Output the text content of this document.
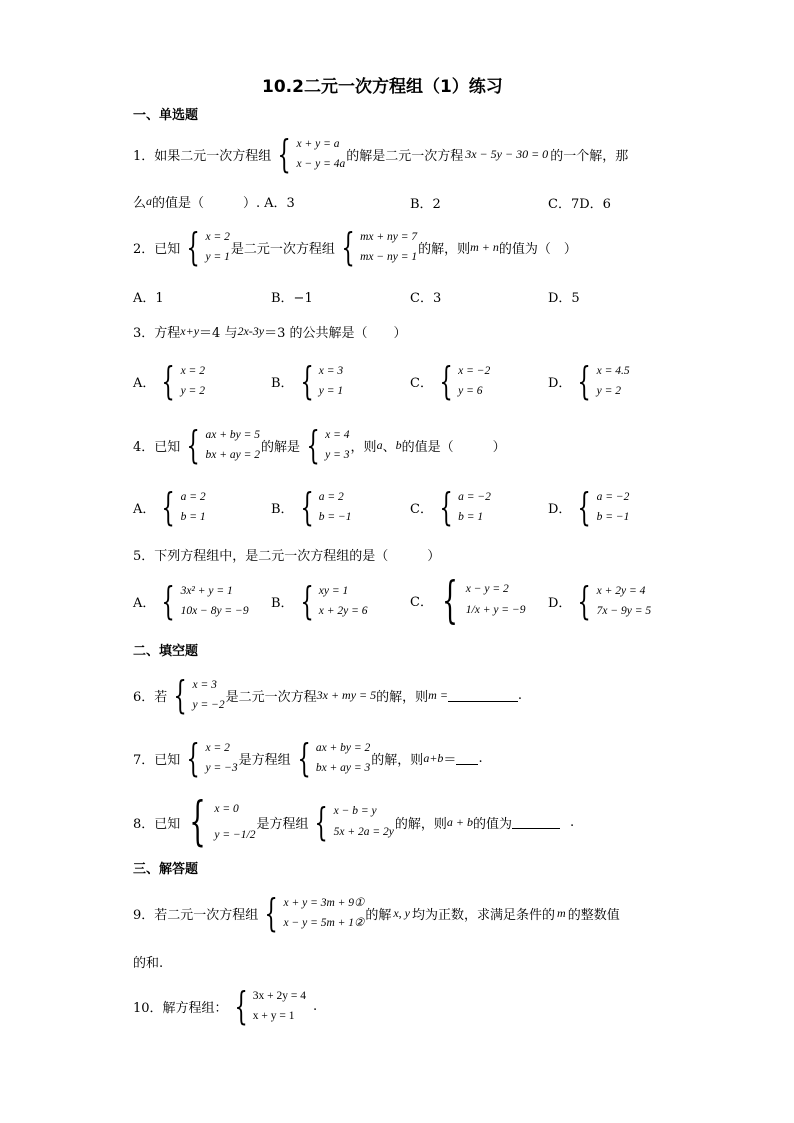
10.2二元一次方程组（1）练习
一、单选题
1． 如果二元一次方程组 { x + y = a
x − y = 4a
的解是二元一次方程 3x − 5y − 30 = 0 的一个解，那
么 a 的值是（　　　）. A．3	B．2	C．7D．6
2． 已知 { x = 2
y = 1
是二元一次方程组 { mx + ny = 7
mx − ny = 1
的解，则 m + n 的值为（　）
A．1	B．−1	C．3	D．5
3． 方程 x+y ＝4 与 2x-3y ＝3 的公共解是（　　）
A． { x = 2
y = 2
B． { x = 3
y = 1
C． { x = −2
y = 6
D． { x = 4.5
y = 2
4． 已知 { ax + by = 5
bx + ay = 2
的解是 { x = 4
y = 3
，则 a 、 b 的值是（　　　）
A． { a = 2
b = 1
B． { a = 2
b = −1
C． { a = −2
b = 1
D． { a = −2
b = −1
5． 下列方程组中，是二元一次方程组的是（　　　）
A． { 3x² + y = 1
10x − 8y = −9
B． { xy = 1
x + 2y = 6
C． { x − y = 2
1/x + y = −9 D． { x + 2y = 4
7x − 9y = 5
二、填空题
6． 若 { x = 3
y = −2
是二元一次方程 3x + my = 5 的解，则 m =	.
7． 已知 { x = 2
y = −3
是方程组 { ax + by = 2
bx + ay = 3
的解，则 a+b ＝ .
8． 已知 { x = 0
y = −1/2
是方程组 { x − b = y
5x + 2a = 2y
的解，则 a + b 的值为	.
三、解答题
9． 若二元一次方程组 { x + y = 3m + 9①
x − y = 5m + 1②
的解 x, y 均为正数，求满足条件的 m 的整数值
的和.
10． 解方程组： { 3x + 2y = 4
x + y = 1
.
